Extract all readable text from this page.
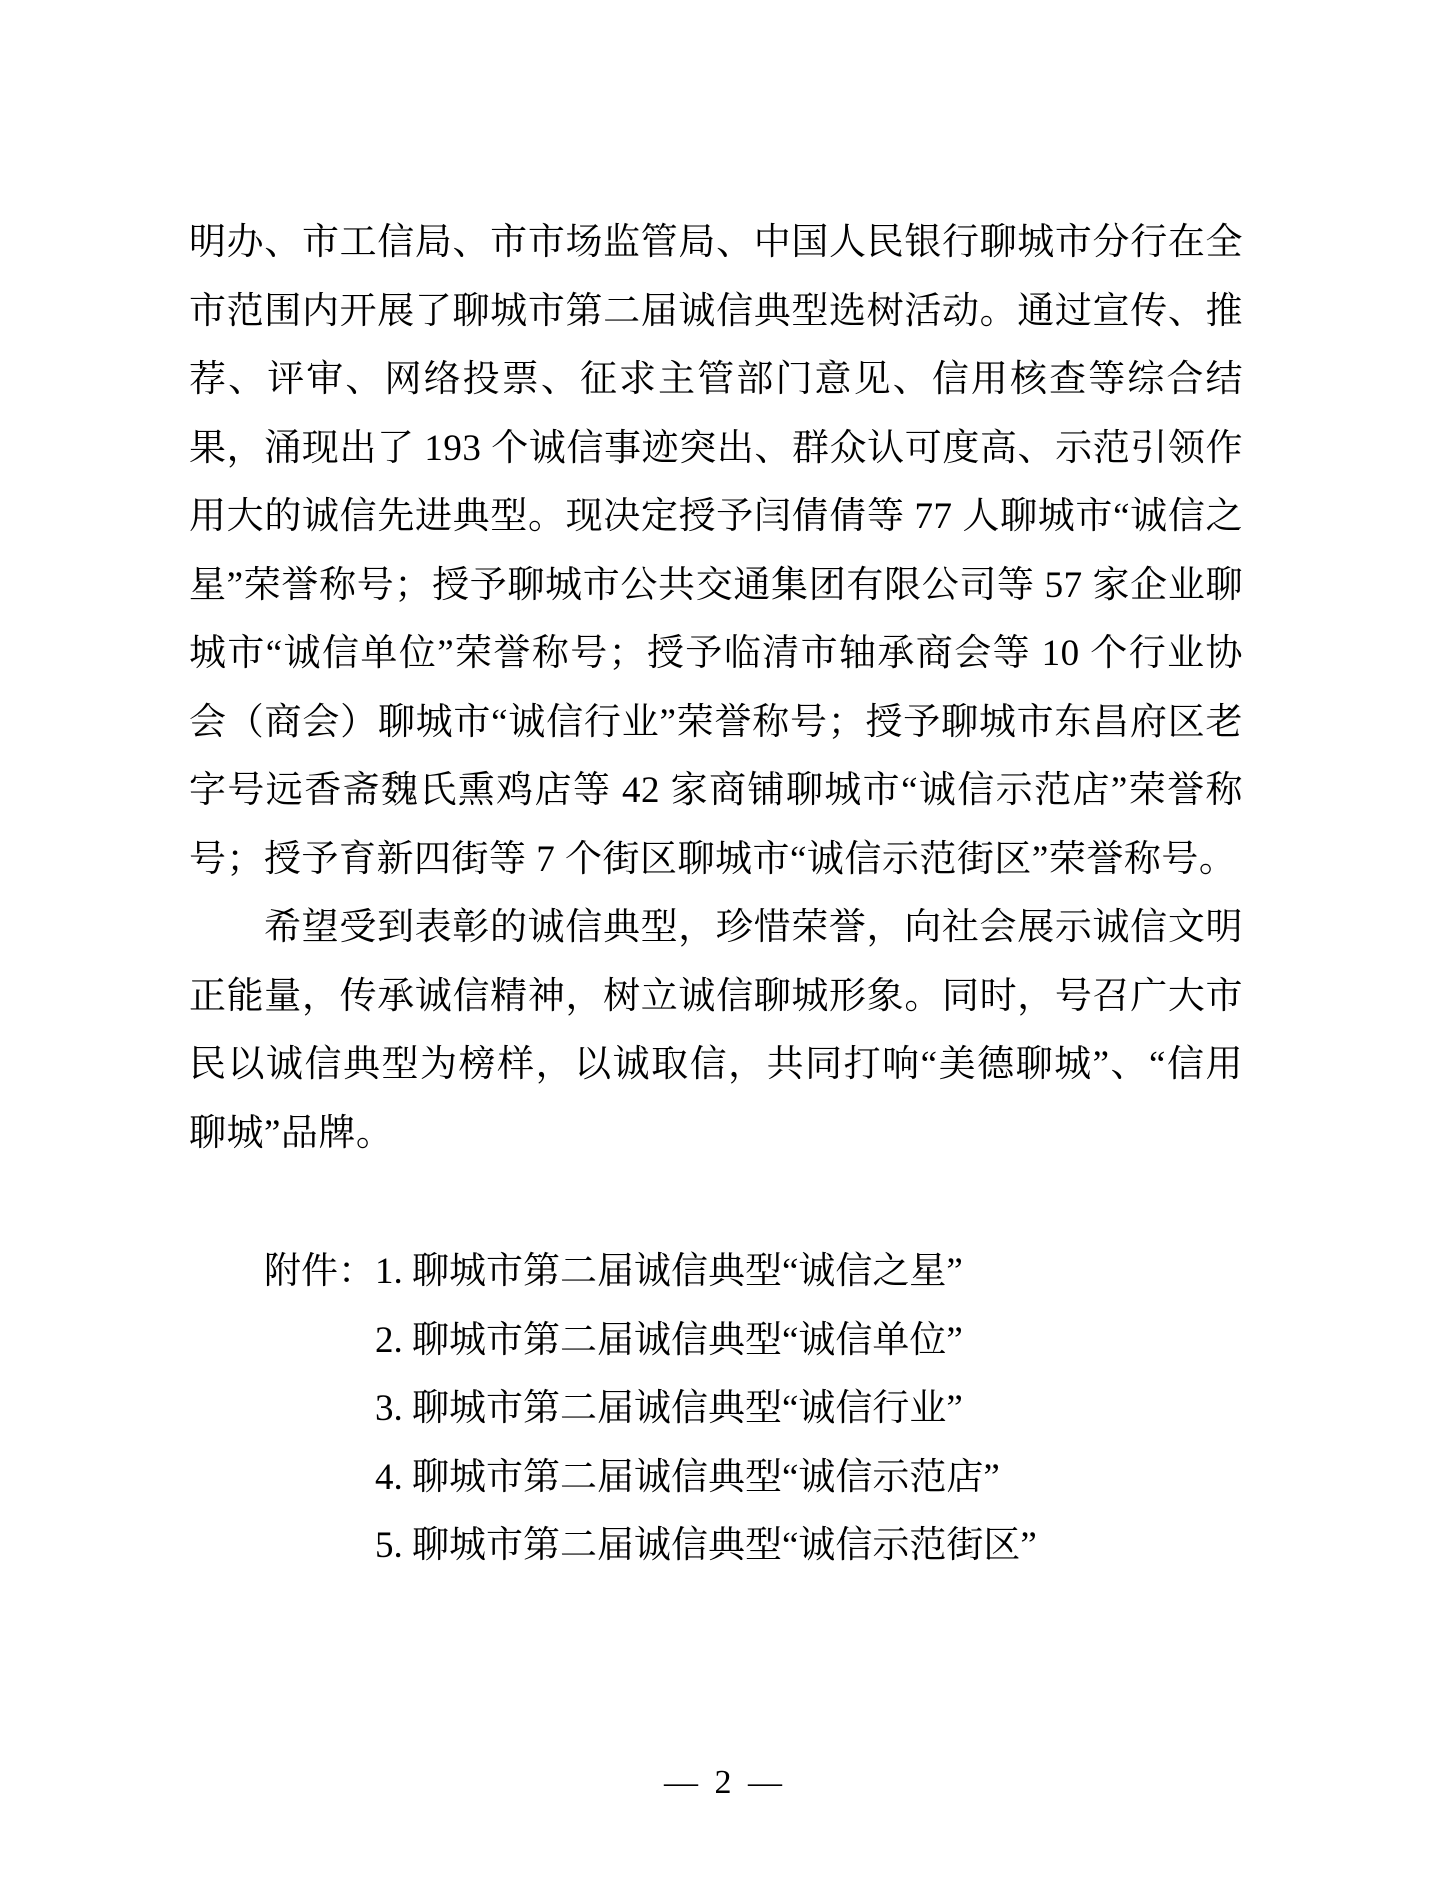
明办、市工信局、市市场监管局、中国人民银行聊城市分行在全市范围内开展了聊城市第二届诚信典型选树活动。通过宣传、推荐、评审、网络投票、征求主管部门意见、信用核查等综合结果，涌现出了 193 个诚信事迹突出、群众认可度高、示范引领作用大的诚信先进典型。现决定授予闫倩倩等 77 人聊城市“诚信之星”荣誉称号；授予聊城市公共交通集团有限公司等 57 家企业聊城市“诚信单位”荣誉称号；授予临清市轴承商会等 10 个行业协会（商会）聊城市“诚信行业”荣誉称号；授予聊城市东昌府区老字号远香斋魏氏熏鸡店等 42 家商铺聊城市“诚信示范店”荣誉称号；授予育新四街等 7 个街区聊城市“诚信示范街区”荣誉称号。

希望受到表彰的诚信典型，珍惜荣誉，向社会展示诚信文明正能量，传承诚信精神，树立诚信聊城形象。同时，号召广大市民以诚信典型为榜样，以诚取信，共同打响“美德聊城”、“信用聊城”品牌。

附件： 1. 聊城市第二届诚信典型“诚信之星”
2. 聊城市第二届诚信典型“诚信单位”
3. 聊城市第二届诚信典型“诚信行业”
4. 聊城市第二届诚信典型“诚信示范店”
5. 聊城市第二届诚信典型“诚信示范街区”
— 2 —
